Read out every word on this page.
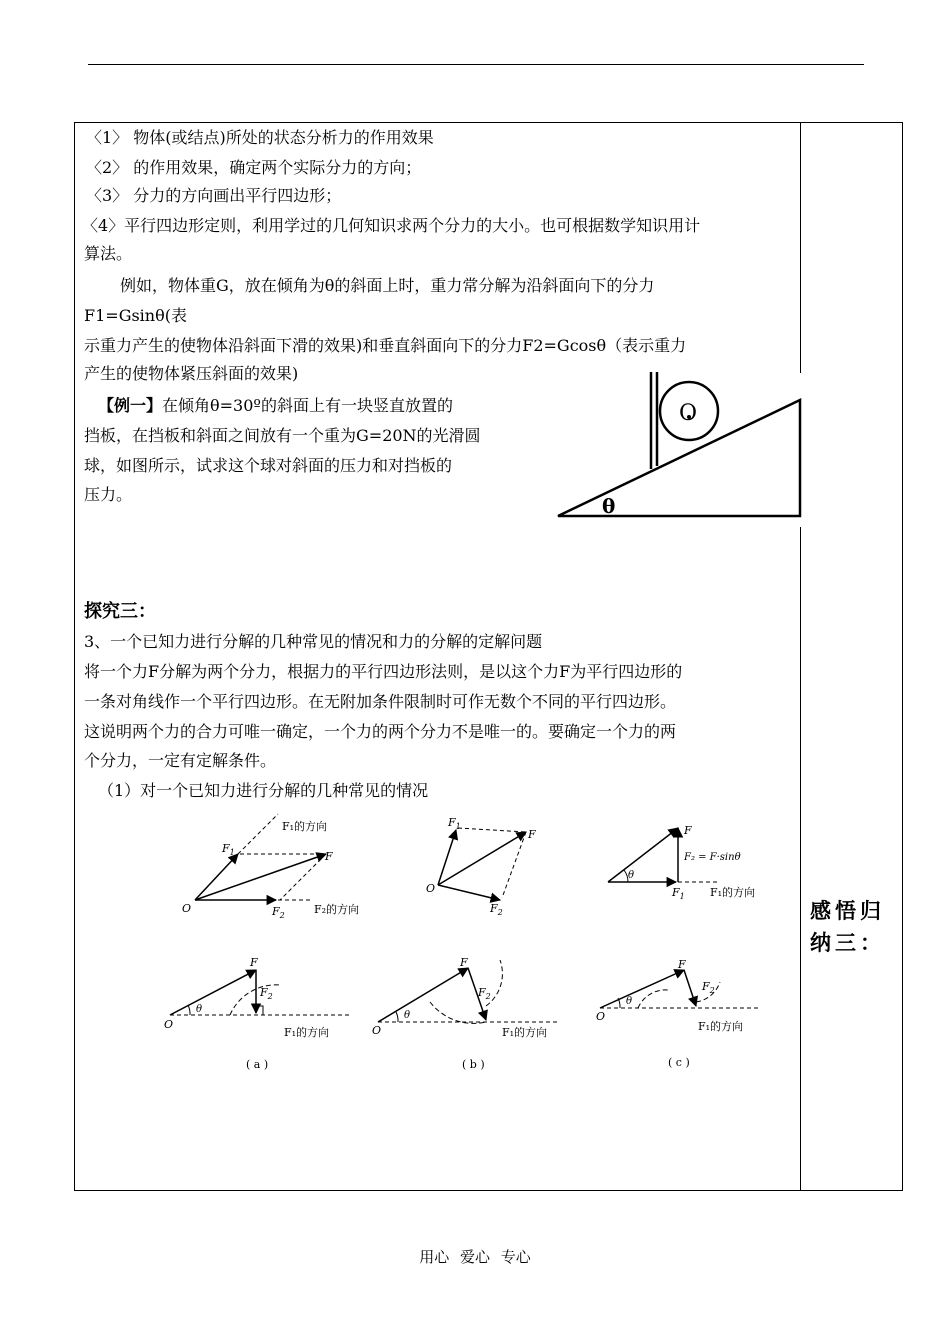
〈1〉 物体(或结点)所处的状态分析力的作用效果
〈2〉 的作用效果，确定两个实际分力的方向；
〈3〉 分力的方向画出平行四边形；
〈4〉平行四边形定则，利用学过的几何知识求两个分力的大小。也可根据数学知识用计
算法。
例如，物体重G，放在倾角为θ的斜面上时，重力常分解为沿斜面向下的分力
F1=Gsinθ(表
示重力产生的使物体沿斜面下滑的效果)和垂直斜面向下的分力F2=Gcosθ（表示重力
产生的使物体紧压斜面的效果)
【例一】在倾角θ=30º的斜面上有一块竖直放置的
挡板，在挡板和斜面之间放有一个重为G=20N的光滑圆
球，如图所示，试求这个球对斜面的压力和对挡板的
压力。
O
θ
探究三：
3、一个已知力进行分解的几种常见的情况和力的分解的定解问题
将一个力F分解为两个分力，根据力的平行四边形法则，是以这个力F为平行四边形的
一条对角线作一个平行四边形。在无附加条件限制时可作无数个不同的平行四边形。
这说明两个力的合力可唯一确定，一个力的两个分力不是唯一的。要确定一个力的两
个分力，一定有定解条件。
（1）对一个已知力进行分解的几种常见的情况
O
F
$F_1$
$F_2$
F₁的方向
F₂的方向
O
F
$F_1$
$F_2$
θ
F
F₂ = F·sinθ
$F_1$ F₁的方向
θ
O
F
$F_2$
F₁的方向
( a )
θ
O
F
$F_2$
F₁的方向
( b )
θ
O
F
$F_2$
F₁的方向
( c )
感悟归纳三：
用心 爱心 专心
